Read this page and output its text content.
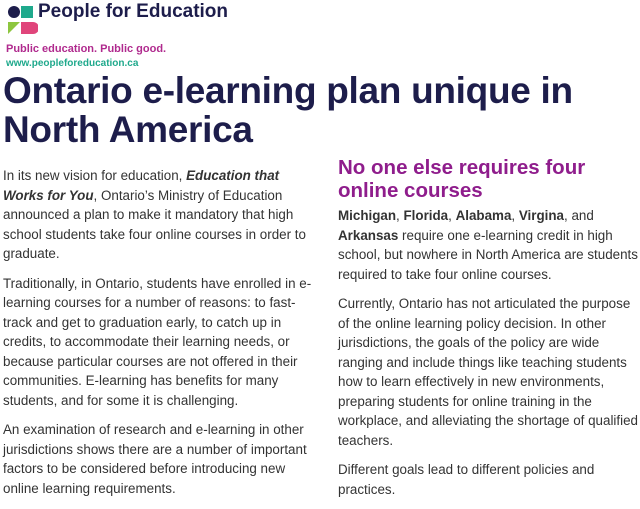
People for Education
Public education. Public good.
www.peopleforeducation.ca
Ontario e-learning plan unique in North America

In its new vision for education, Education that Works for You, Ontario’s Ministry of Education announced a plan to make it mandatory that high school students take four online courses in order to graduate.

Traditionally, in Ontario, students have enrolled in e-learning courses for a number of reasons: to fast-track and get to graduation early, to catch up in credits, to accommodate their learning needs, or because particular courses are not offered in their communities. E-learning has benefits for many students, and for some it is challenging.

An examination of research and e-learning in other jurisdictions shows there are a number of important factors to be considered before introducing new online learning requirements.

No one else requires four online courses

Michigan, Florida, Alabama, Virgina, and Arkansas require one e-learning credit in high school, but nowhere in North America are students required to take four online courses.

Currently, Ontario has not articulated the purpose of the online learning policy decision. In other jurisdictions, the goals of the policy are wide ranging and include things like teaching students how to learn effectively in new environments, preparing students for online training in the workplace, and alleviating the shortage of qualified teachers.

Different goals lead to different policies and practices.
